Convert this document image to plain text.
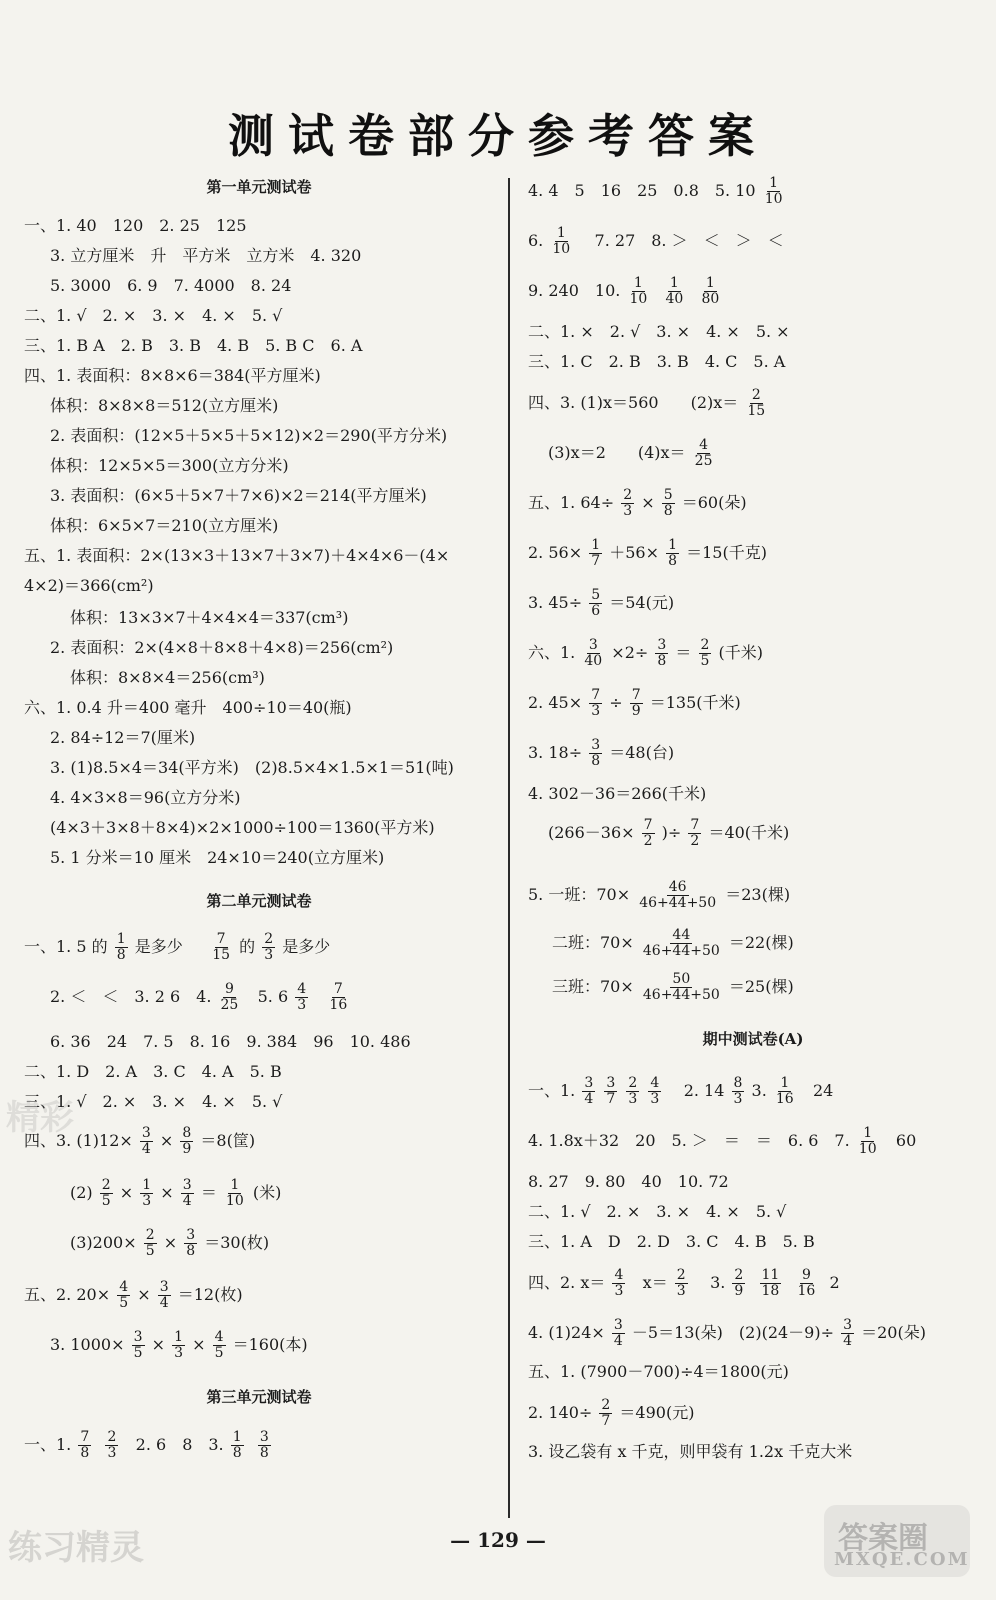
测试卷部分参考答案
第一单元测试卷
一、1. 40　120　2. 25　125
3. 立方厘米　升　平方米　立方米　4. 320
5. 3000　6. 9　7. 4000　8. 24
二、1. √　2. ×　3. ×　4. ×　5. √
三、1. B A　2. B　3. B　4. B　5. B C　6. A
四、1. 表面积：8×8×6＝384(平方厘米)
体积：8×8×8＝512(立方厘米)
2. 表面积：(12×5＋5×5＋5×12)×2＝290(平方分米)
体积：12×5×5＝300(立方分米)
3. 表面积：(6×5＋5×7＋7×6)×2＝214(平方厘米)
体积：6×5×7＝210(立方厘米)
五、1. 表面积：2×(13×3＋13×7＋3×7)＋4×4×6－(4×
4×2)＝366(cm²)
体积：13×3×7＋4×4×4＝337(cm³)
2. 表面积：2×(4×8＋8×8＋4×8)＝256(cm²)
体积：8×8×4＝256(cm³)
六、1. 0.4 升＝400 毫升　400÷10＝40(瓶)
2. 84÷12＝7(厘米)
3. (1)8.5×4＝34(平方米)　(2)8.5×4×1.5×1＝51(吨)
4. 4×3×8＝96(立方分米)
(4×3＋3×8＋8×4)×2×1000÷100＝1360(平方米)
5. 1 分米＝10 厘米　24×10＝240(立方厘米)
第二单元测试卷
一、1. 5 的 $\frac{1}{8}$ 是多少 $\frac{7}{15}$ 的 $\frac{2}{3}$ 是多少
2. ＜　＜　3. 2 6　4. $\frac{9}{25} 5$. $6 \frac{4}{3}$
$\frac{7}{16}$
6. 36　24　7. 5　8. 16　9. 384　96　10. 486
二、1. D　2. A　3. C　4. A　5. B
三、1. √　2. ×　3. ×　4. ×　5. √
四、3. $(1)12\times \frac{3}{4} \times \frac{8}{9} =8$(筐)
$(2) \frac{2}{5} \times \frac{1}{3} \times \frac{3}{4} = \frac{1}{10}$ (米)
$(3)200\times \frac{2}{5} \times \frac{3}{8} =30$(枚)
五、2. $20\times \frac{4}{5} \times \frac{3}{4} =12$(枚)
3. $1000\times \frac{3}{5} \times \frac{1}{3} \times \frac{4}{5} =160$(本)
第三单元测试卷
一、1. $\frac{7}{8}$
$\frac{2}{3} 2$. 6　8　3. $\frac{1}{8}$
$\frac{3}{8}$
4. 4　5　16　25　0.8　5. $10 \frac{1}{10}$
6. $\frac{1}{10} 7$. 27　8. ＞　＜　＞　＜
9. 240　10. $\frac{1}{10}$
$\frac{1}{40}$
$\frac{1}{80}$
二、1. ×　2. √　3. ×　4. ×　5. ×
三、1. C　2. B　3. B　4. C　5. A
四、3. (1)x＝560　　$(2)x= \frac{2}{15}$
(3)x＝2　　$(4)x= \frac{4}{25}$
五、1. $64\div \frac{2}{3} \times \frac{5}{8} =60$(朵)
2. $56\times \frac{1}{7} +56\times \frac{1}{8} =15$(千克)
3. $45\div \frac{5}{6} =54$(元)
六、1. $\frac{3}{40} \times 2\div \frac{3}{8} = \frac{2}{5}$ (千米)
2. $45\times \frac{7}{3} \div \frac{7}{9} =135$(千米)
3. $18\div \frac{3}{8} =48$(台)
4. 302－36＝266(千米)
($266-36\times \frac{7}{2}$ )÷ $\frac{7}{2} =40$(千米)
5. 一班：$70\times \frac{46}{46+44+50} =23$(棵)
二班：$70\times \frac{44}{46+44+50} =22$(棵)
三班：$70\times \frac{50}{46+44+50} =25$(棵)
期中测试卷(A)
一、1. $\frac{3}{4}$
$\frac{3}{7}$
$\frac{2}{3}$
$\frac{4}{3} 2$. $14 \frac{8}{3} 3$. $\frac{1}{16} 24$
4. 1.8x＋32　20　5. ＞　＝　＝　6. 6　7. $\frac{1}{10} 60$
8. 27　9. 80　40　10. 72
二、1. √　2. ×　3. ×　4. ×　5. √
三、1. A　D　2. D　3. C　4. B　5. B
四、2. $x= \frac{4}{3} x= \frac{2}{3} 3$. $\frac{2}{9}$
$\frac{11}{18}$
$\frac{9}{16} 2$
4. $(1)24\times \frac{3}{4} -5=13$(朵)　$(2)(24-9)\div \frac{3}{4} =20$(朵)
五、1. (7900－700)÷4＝1800(元)
2. $140\div \frac{2}{7} =490$(元)
3. 设乙袋有 x 千克，则甲袋有 1.2x 千克大米
— 129 —
精彩
练习精灵	答案圈
MXQE.COM
